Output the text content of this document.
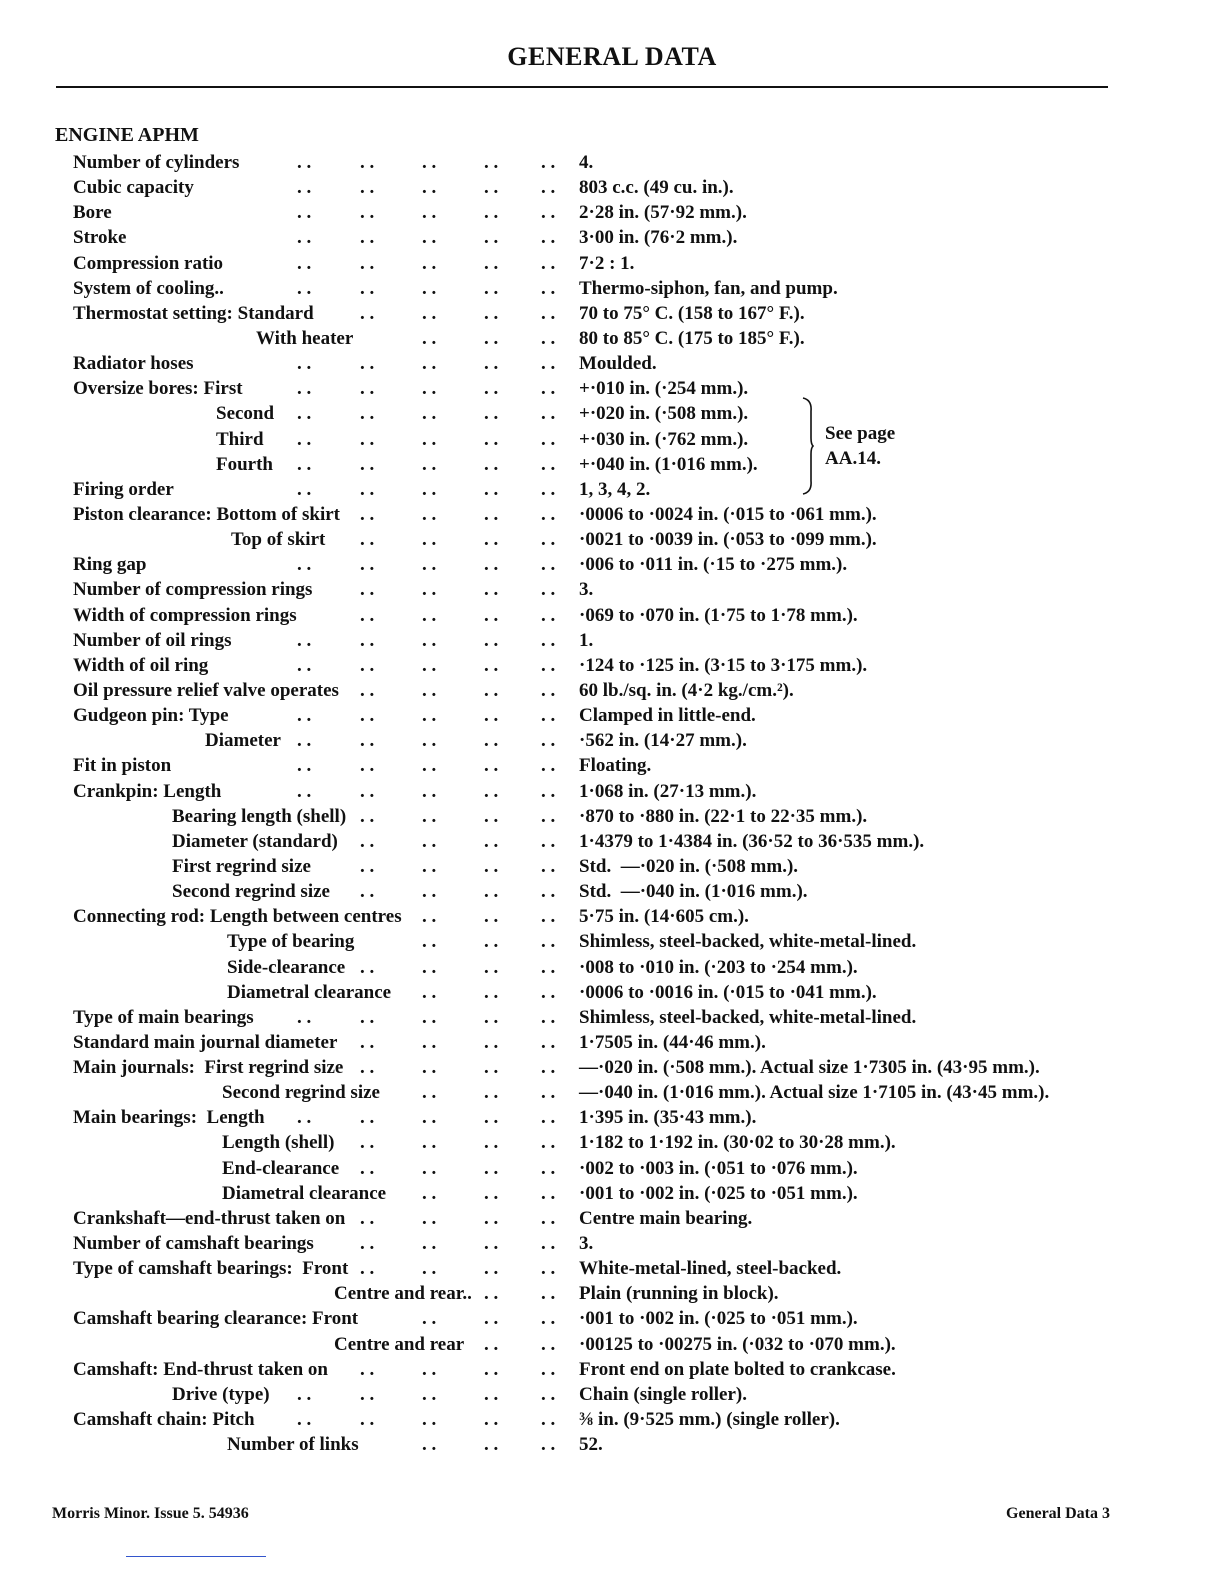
GENERAL DATA
ENGINE APHM
Number of cylinders	. .	. .	. .	. . . . 4.
Cubic capacity	. .	. .	. .	. . . . 803 c.c. (49 cu. in.).
Bore	. .	. .	. .	. . . . 2·28 in. (57·92 mm.).
Stroke	. .	. .	. .	. . . . 3·00 in. (76·2 mm.).
Compression ratio	. .	. .	. .	. . . . 7·2 : 1.
System of cooling..	. .	. .	. .	. . . . Thermo-siphon, fan, and pump.
Thermostat setting: Standard . .	. .	. . . . 70 to 75° C. (158 to 167° F.).
With heater	. .	. . . . 80 to 85° C. (175 to 185° F.).
Radiator hoses	. .	. .	. .	. . . . Moulded.
Oversize bores: First	. .	. .	. .	. . . . +·010 in. (·254 mm.).
Second . .	. .	. .	. . . . +·020 in. (·508 mm.).
Third . .	. .	. .	. . . . +·030 in. (·762 mm.).
Fourth . .	. .	. .	. . . . +·040 in. (1·016 mm.).
Firing order	. .	. .	. .	. . . . 1, 3, 4, 2.
Piston clearance: Bottom of skirt . .	. .	. . . . ·0006 to ·0024 in. (·015 to ·061 mm.).
Top of skirt . .	. .	. . . . ·0021 to ·0039 in. (·053 to ·099 mm.).
Ring gap	. .	. .	. .	. . . . ·006 to ·011 in. (·15 to ·275 mm.).
Number of compression rings	. .	. .	. . . . 3.
Width of compression rings	. .	. .	. . . . ·069 to ·070 in. (1·75 to 1·78 mm.).
Number of oil rings	. .	. .	. .	. . . . 1.
Width of oil ring	. .	. .	. .	. . . . ·124 to ·125 in. (3·15 to 3·175 mm.).
Oil pressure relief valve operates . .	. .	. . . . 60 lb./sq. in. (4·2 kg./cm.²).
Gudgeon pin: Type	. .	. .	. .	. . . . Clamped in little-end.
Diameter . .	. .	. .	. . . . ·562 in. (14·27 mm.).
Fit in piston	. .	. .	. .	. . . . Floating.
Crankpin: Length	. .	. .	. .	. . . . 1·068 in. (27·13 mm.).
Bearing length (shell) . .	. .	. . . . ·870 to ·880 in. (22·1 to 22·35 mm.).
Diameter (standard) . .	. .	. . . . 1·4379 to 1·4384 in. (36·52 to 36·535 mm.).
First regrind size	. .	. .	. . . . Std.  —·020 in. (·508 mm.).
Second regrind size . .	. .	. . . . Std.  —·040 in. (1·016 mm.).
Connecting rod: Length between centres . .	. . . . 5·75 in. (14·605 cm.).
Type of bearing	. .	. . . . Shimless, steel-backed, white-metal-lined.
Side-clearance . .	. .	. . . . ·008 to ·010 in. (·203 to ·254 mm.).
Diametral clearance . .	. . . . ·0006 to ·0016 in. (·015 to ·041 mm.).
Type of main bearings . .	. .	. .	. . . . Shimless, steel-backed, white-metal-lined.
Standard main journal diameter . .	. .	. . . . 1·7505 in. (44·46 mm.).
Main journals:  First regrind size . .	. .	. . . . —·020 in. (·508 mm.). Actual size 1·7305 in. (43·95 mm.).
Second regrind size . .	. . . . —·040 in. (1·016 mm.). Actual size 1·7105 in. (43·45 mm.).
Main bearings:  Length . .	. .	. .	. . . . 1·395 in. (35·43 mm.).
Length (shell) . .	. .	. . . . 1·182 to 1·192 in. (30·02 to 30·28 mm.).
End-clearance . .	. .	. . . . ·002 to ·003 in. (·051 to ·076 mm.).
Diametral clearance . .	. . . . ·001 to ·002 in. (·025 to ·051 mm.).
Crankshaft—end-thrust taken on . .	. .	. . . . Centre main bearing.
Number of camshaft bearings . .	. .	. . . . 3.
Type of camshaft bearings:  Front . .	. .	. . . . White-metal-lined, steel-backed.
Centre and rear.. . . . . Plain (running in block).
Camshaft bearing clearance: Front	. .	. . . . ·001 to ·002 in. (·025 to ·051 mm.).
Centre and rear . . . . ·00125 to ·00275 in. (·032 to ·070 mm.).
Camshaft: End-thrust taken on . .	. .	. . . . Front end on plate bolted to crankcase.
Drive (type) . .	. .	. .	. . . . Chain (single roller).
Camshaft chain: Pitch . .	. .	. .	. . . . ⅜ in. (9·525 mm.) (single roller).
Number of links	. .	. . . . 52.
See page
AA.14.
Morris Minor. Issue 5. 54936	General Data 3
